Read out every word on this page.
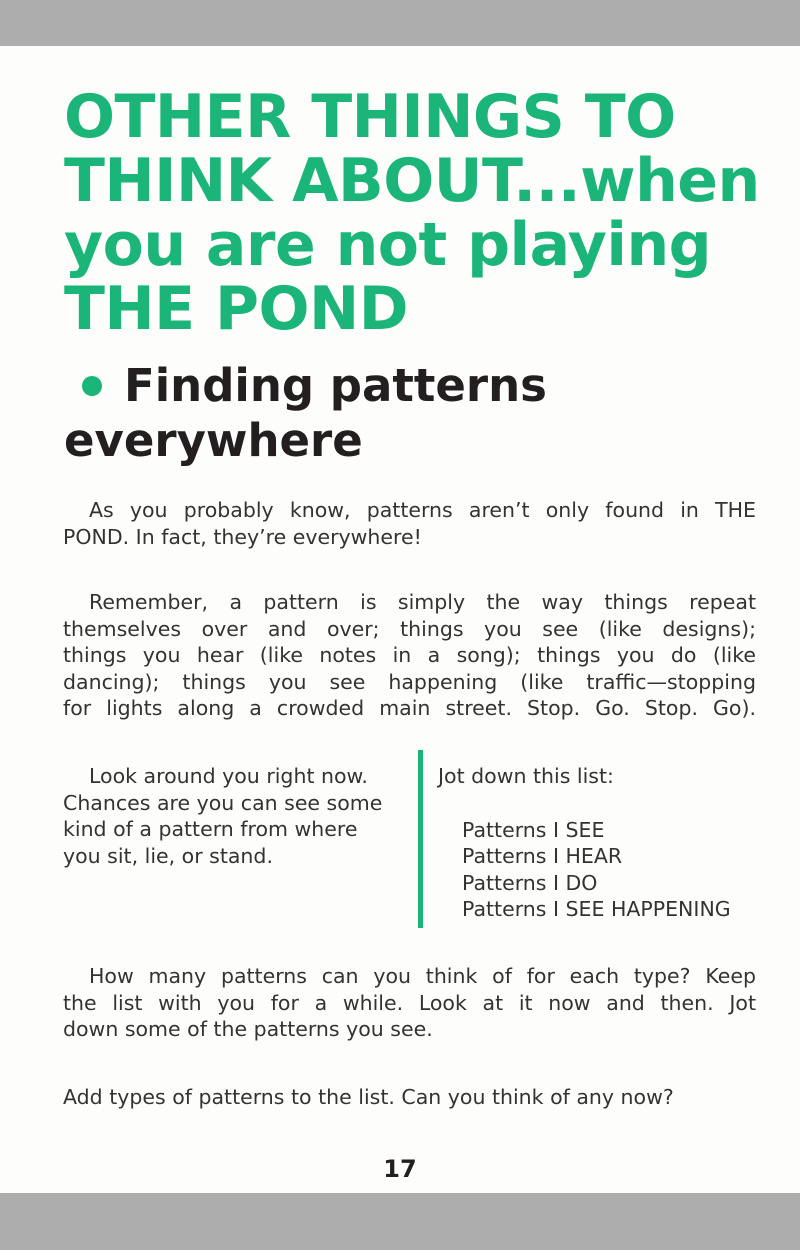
OTHER THINGS TO
THINK ABOUT...when
you are not playing
THE POND
Finding patterns
everywhere

As you probably know, patterns aren’t only found in THE
POND. In fact, they’re everywhere!

Remember, a pattern is simply the way things repeat
themselves over and over; things you see (like designs);
things you hear (like notes in a song); things you do (like
dancing); things you see happening (like traffic—stopping
for lights along a crowded main street. Stop. Go. Stop. Go).

Look around you right now.
Chances are you can see some
kind of a pattern from where
you sit, lie, or stand.

Jot down this list:
Patterns I SEE
Patterns I HEAR
Patterns I DO
Patterns I SEE HAPPENING

How many patterns can you think of for each type? Keep
the list with you for a while. Look at it now and then. Jot
down some of the patterns you see.

Add types of patterns to the list. Can you think of any now?

17
